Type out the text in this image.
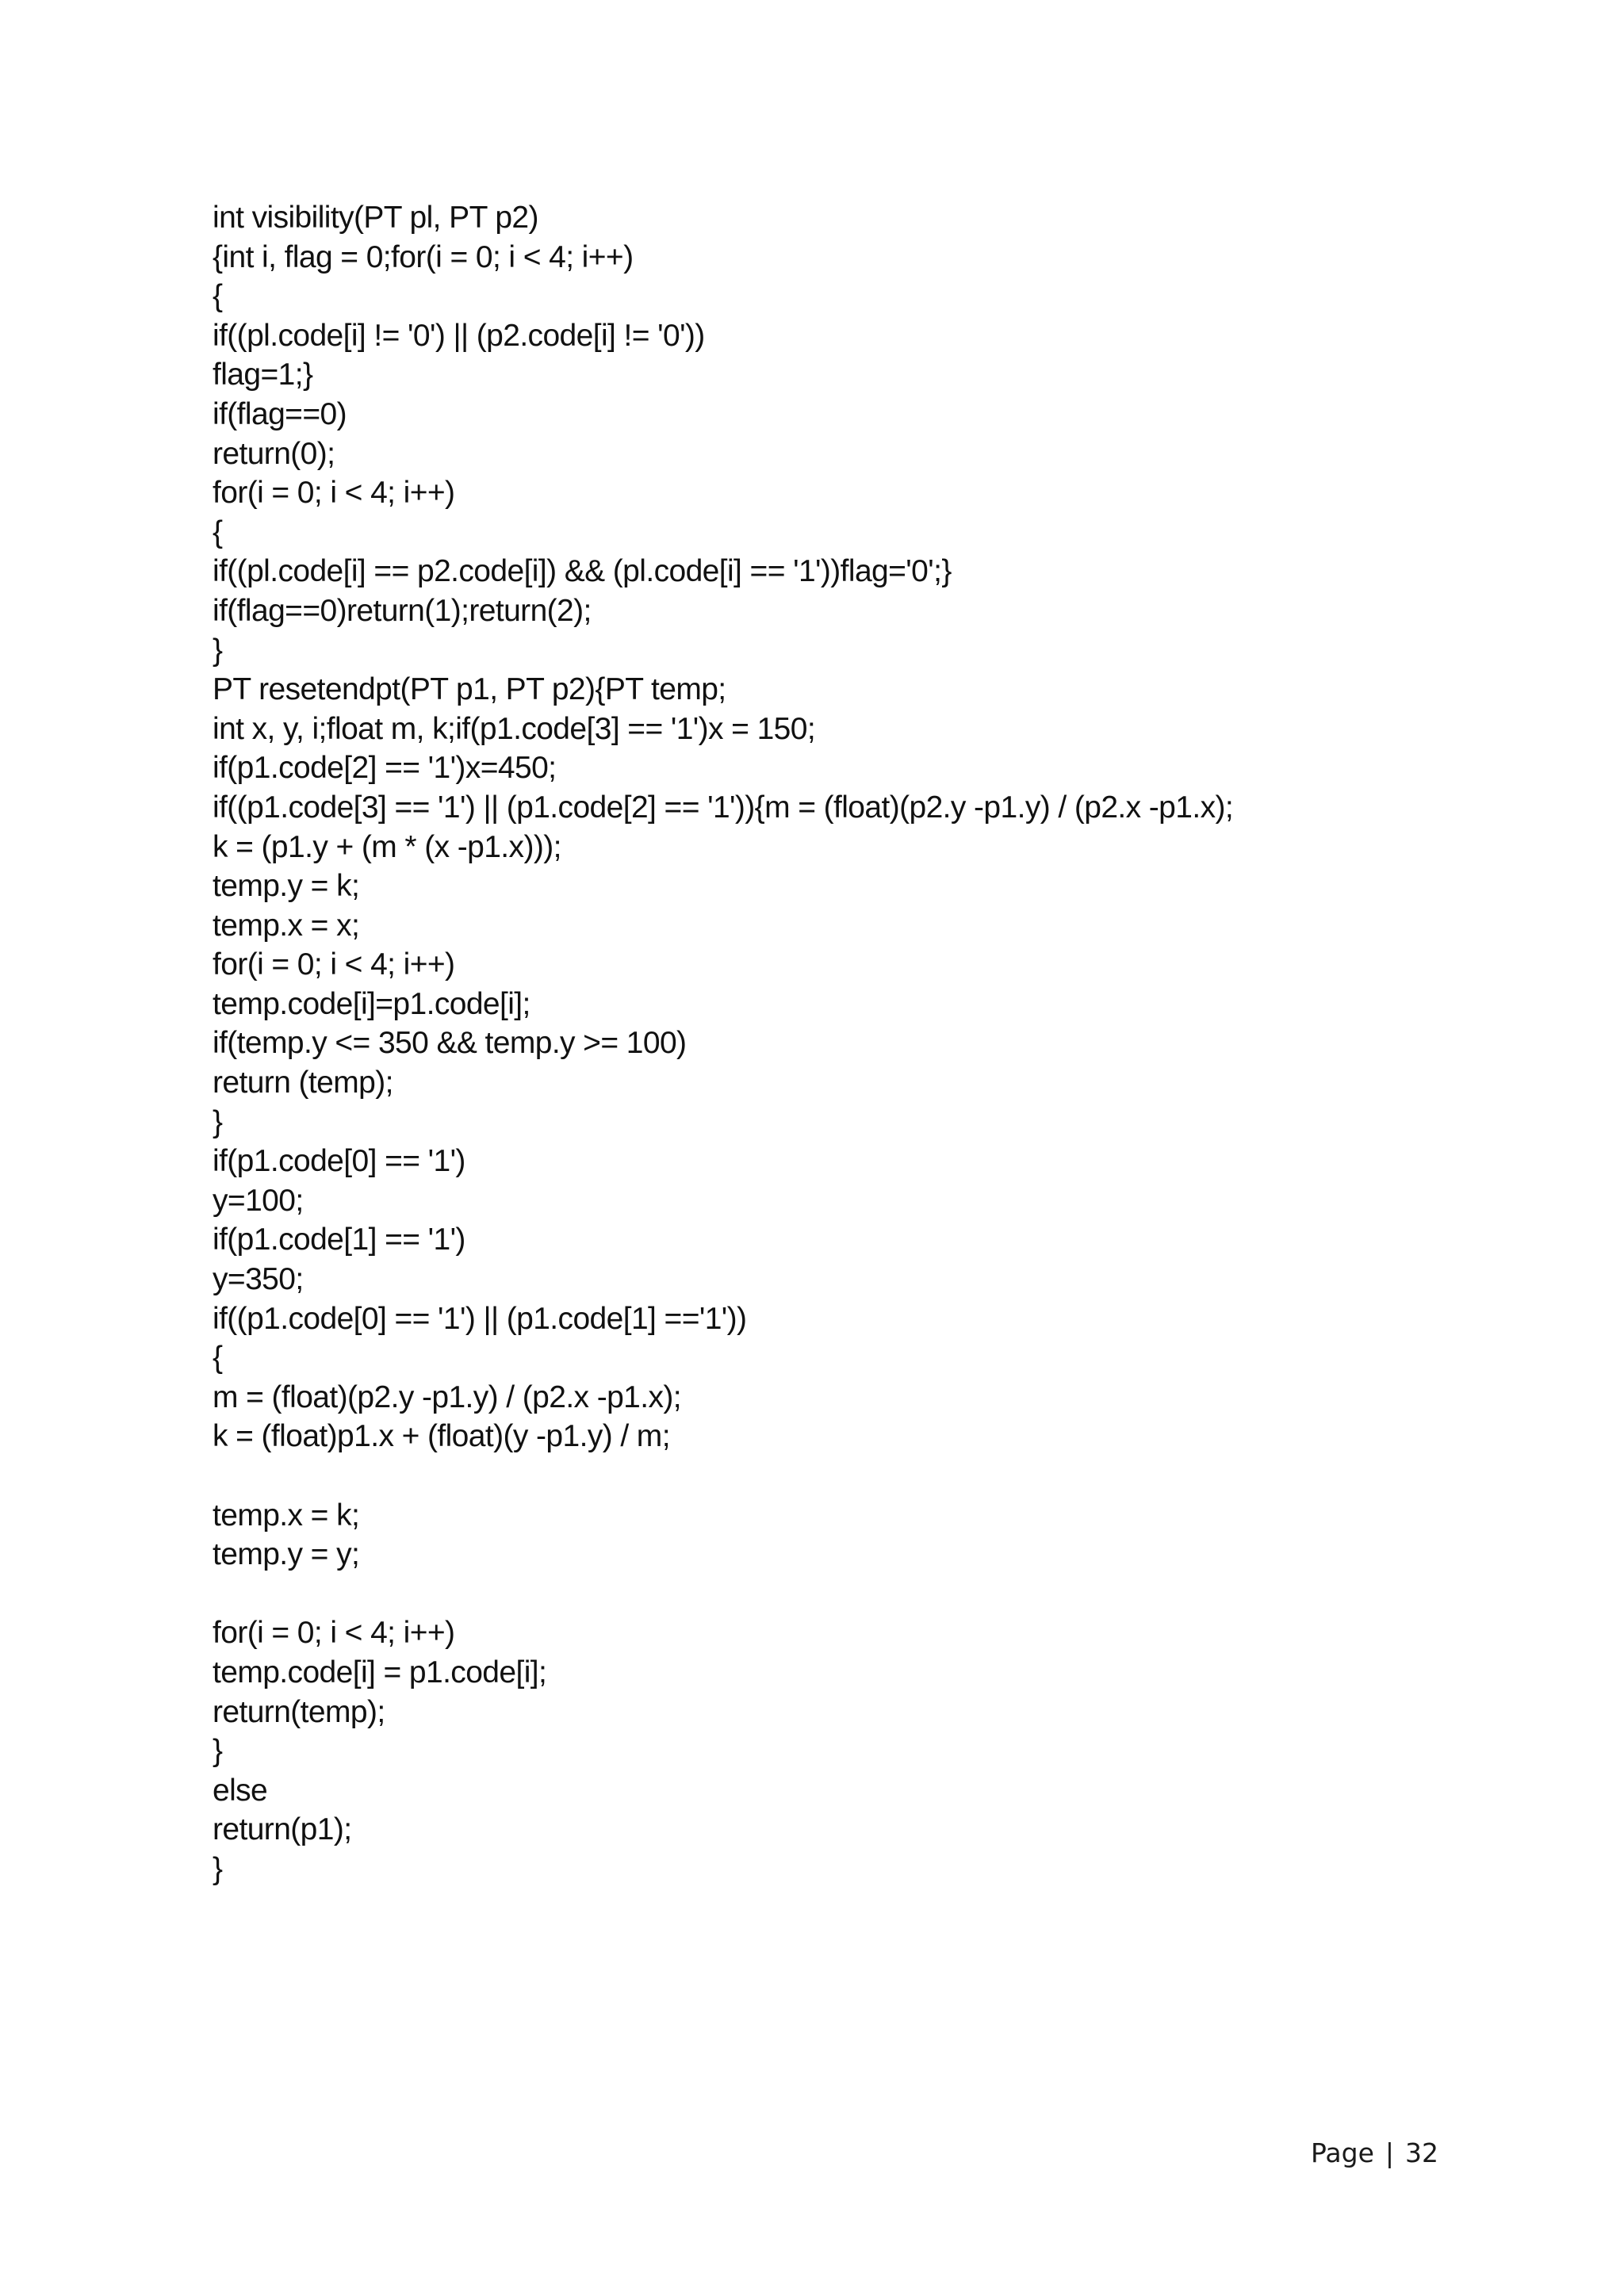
int visibility(PT pl, PT p2)
{int i, flag = 0;for(i = 0; i < 4; i++)
{
if((pl.code[i] != '0') || (p2.code[i] != '0'))
flag=1;}
if(flag==0)
return(0);
for(i = 0; i < 4; i++)
{
if((pl.code[i] == p2.code[i]) && (pl.code[i] == '1'))flag='0';}
if(flag==0)return(1);return(2);
}
PT resetendpt(PT p1, PT p2){PT temp;
int x, y, i;float m, k;if(p1.code[3] == '1')x = 150;
if(p1.code[2] == '1')x=450;
if((p1.code[3] == '1') || (p1.code[2] == '1')){m = (float)(p2.y -p1.y) / (p2.x -p1.x);
k = (p1.y + (m * (x -p1.x)));
temp.y = k;
temp.x = x;
for(i = 0; i < 4; i++)
temp.code[i]=p1.code[i];
if(temp.y <= 350 && temp.y >= 100)
return (temp);
}
if(p1.code[0] == '1')
y=100;
if(p1.code[1] == '1')
y=350;
if((p1.code[0] == '1') || (p1.code[1] =='1'))
{
m = (float)(p2.y -p1.y) / (p2.x -p1.x);
k = (float)p1.x + (float)(y -p1.y) / m;
temp.x = k;
temp.y = y;
for(i = 0; i < 4; i++)
temp.code[i] = p1.code[i];
return(temp);
}
else
return(p1);
}
Page | 32
